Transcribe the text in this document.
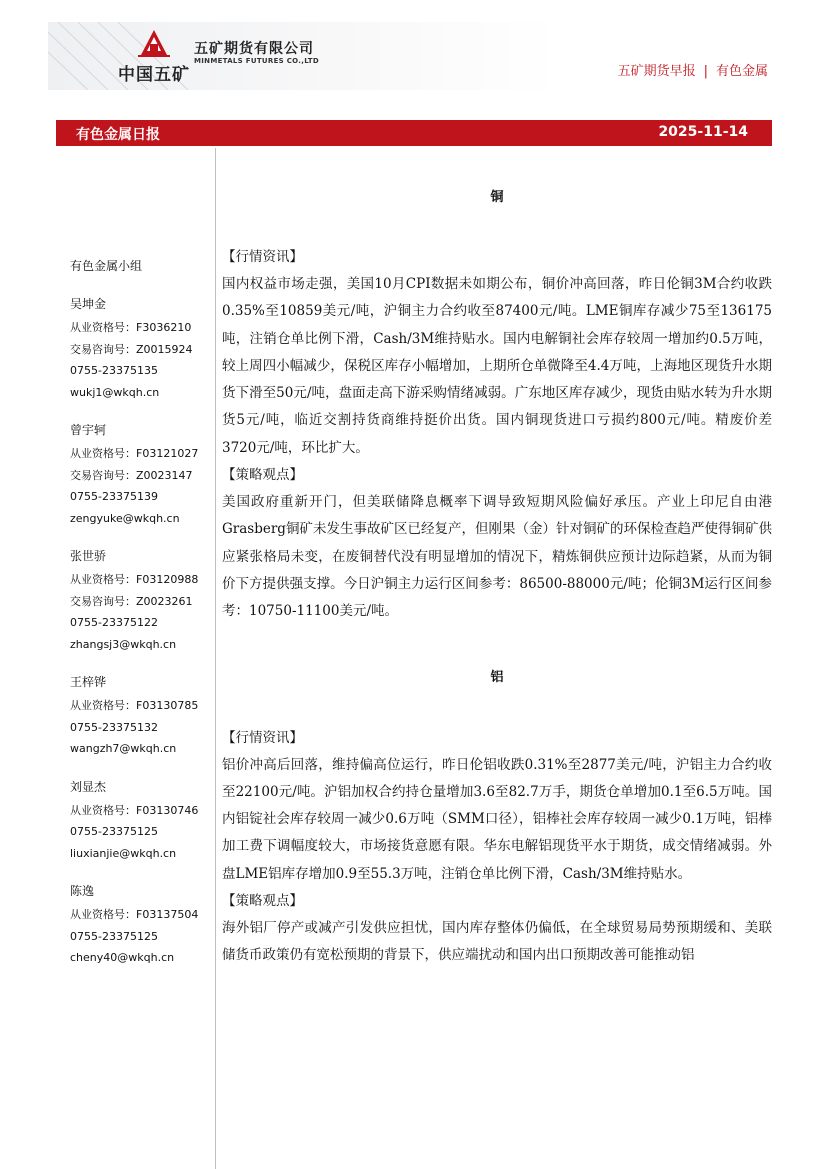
中国五矿
五矿期货有限公司
MINMETALS FUTURES CO.,LTD
五矿期货早报 | 有色金属
有色金属日报	2025-11-14
有色金属小组
吴坤金
从业资格号：F3036210
交易咨询号：Z0015924
0755-23375135
wukj1@wkqh.cn
曾宇轲
从业资格号：F03121027
交易咨询号：Z0023147
0755-23375139
zengyuke@wkqh.cn
张世骄
从业资格号：F03120988
交易咨询号：Z0023261
0755-23375122
zhangsj3@wkqh.cn
王梓铧
从业资格号：F03130785
0755-23375132
wangzh7@wkqh.cn
刘显杰
从业资格号：F03130746
0755-23375125
liuxianjie@wkqh.cn
陈逸
从业资格号：F03137504
0755-23375125
cheny40@wkqh.cn
铜
【行情资讯】
国内权益市场走强，美国10月CPI数据未如期公布，铜价冲高回落，昨日伦铜3M合约收跌0.35%至10859美元/吨，沪铜主力合约收至87400元/吨。LME铜库存减少75至136175吨，注销仓单比例下滑，Cash/3M维持贴水。国内电解铜社会库存较周一增加约0.5万吨，较上周四小幅减少，保税区库存小幅增加，上期所仓单微降至4.4万吨，上海地区现货升水期货下滑至50元/吨，盘面走高下游采购情绪减弱。广东地区库存减少，现货由贴水转为升水期货5元/吨，临近交割持货商维持挺价出货。国内铜现货进口亏损约800元/吨。精废价差3720元/吨，环比扩大。
【策略观点】
美国政府重新开门，但美联储降息概率下调导致短期风险偏好承压。产业上印尼自由港Grasberg铜矿未发生事故矿区已经复产，但刚果（金）针对铜矿的环保检查趋严使得铜矿供应紧张格局未变，在废铜替代没有明显增加的情况下，精炼铜供应预计边际趋紧，从而为铜价下方提供强支撑。今日沪铜主力运行区间参考：86500-88000元/吨；伦铜3M运行区间参考：10750-11100美元/吨。
铝
【行情资讯】
铝价冲高后回落，维持偏高位运行，昨日伦铝收跌0.31%至2877美元/吨，沪铝主力合约收至22100元/吨。沪铝加权合约持仓量增加3.6至82.7万手，期货仓单增加0.1至6.5万吨。国内铝锭社会库存较周一减少0.6万吨（SMM口径），铝棒社会库存较周一减少0.1万吨，铝棒加工费下调幅度较大，市场接货意愿有限。华东电解铝现货平水于期货，成交情绪减弱。外盘LME铝库存增加0.9至55.3万吨，注销仓单比例下滑，Cash/3M维持贴水。
【策略观点】
海外铝厂停产或减产引发供应担忧，国内库存整体仍偏低，在全球贸易局势预期缓和、美联储货币政策仍有宽松预期的背景下，供应端扰动和国内出口预期改善可能推动铝
